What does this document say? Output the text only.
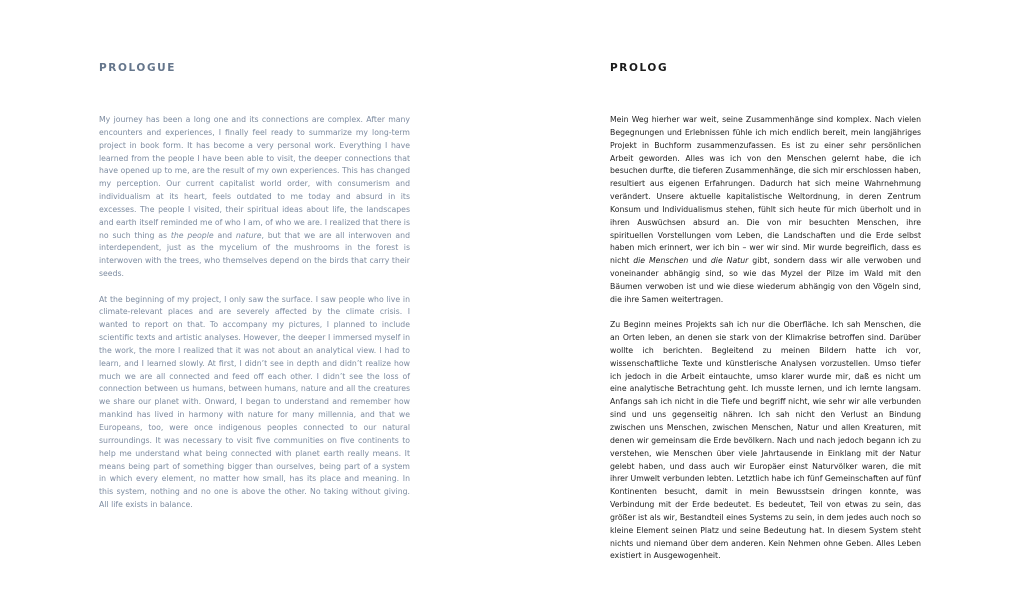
PROLOGUE

My journey has been a long one and its connections are complex. After many encounters and experiences, I finally feel ready to summarize my long-term project in book form. It has become a very personal work. Everything I have learned from the people I have been able to visit, the deeper connections that have opened up to me, are the result of my own experiences. This has changed my perception. Our current capitalist world order, with consumerism and individualism at its heart, feels outdated to me today and absurd in its excesses. The people I visited, their spiritual ideas about life, the landscapes and earth itself reminded me of who I am, of who we are. I realized that there is no such thing as the people and nature, but that we are all interwoven and interdependent, just as the mycelium of the mushrooms in the forest is interwoven with the trees, who themselves depend on the birds that carry their seeds.

At the beginning of my project, I only saw the surface. I saw people who live in climate-relevant places and are severely affected by the climate crisis. I wanted to report on that. To accompany my pictures, I planned to include scientific texts and artistic analyses. However, the deeper I immersed myself in the work, the more I realized that it was not about an analytical view. I had to learn, and I learned slowly. At first, I didn’t see in depth and didn’t realize how much we are all connected and feed off each other. I didn’t see the loss of connection between us humans, between humans, nature and all the creatures we share our planet with. Onward, I began to understand and remember how mankind has lived in harmony with nature for many millennia, and that we Europeans, too, were once indigenous peoples connected to our natural surroundings. It was necessary to visit five communities on five continents to help me understand what being connected with planet earth really means. It means being part of something bigger than ourselves, being part of a system in which every element, no matter how small, has its place and meaning. In this system, nothing and no one is above the other. No taking without giving. All life exists in balance.

PROLOG

Mein Weg hierher war weit, seine Zusammenhänge sind komplex. Nach vielen Begegnungen und Erlebnissen fühle ich mich endlich bereit, mein langjähriges Projekt in Buchform zusammenzufassen. Es ist zu einer sehr persönlichen Arbeit geworden. Alles was ich von den Menschen gelernt habe, die ich besuchen durfte, die tieferen Zusammenhänge, die sich mir erschlossen haben, resultiert aus eigenen Erfahrungen. Dadurch hat sich meine Wahrnehmung verändert. Unsere aktuelle kapitalistische Weltordnung, in deren Zentrum Konsum und Individualismus stehen, fühlt sich heute für mich überholt und in ihren Auswüchsen absurd an. Die von mir besuchten Menschen, ihre spirituellen Vorstellungen vom Leben, die Landschaften und die Erde selbst haben mich erinnert, wer ich bin – wer wir sind. Mir wurde begreiflich, dass es nicht die Menschen und die Natur gibt, sondern dass wir alle verwoben und voneinander abhängig sind, so wie das Myzel der Pilze im Wald mit den Bäumen verwoben ist und wie diese wiederum abhängig von den Vögeln sind, die ihre Samen weitertragen.

Zu Beginn meines Projekts sah ich nur die Oberfläche. Ich sah Menschen, die an Orten leben, an denen sie stark von der Klimakrise betroffen sind. Darüber wollte ich berichten. Begleitend zu meinen Bildern hatte ich vor, wissenschaftliche Texte und künstlerische Analysen vorzustellen. Umso tiefer ich jedoch in die Arbeit eintauchte, umso klarer wurde mir, daß es nicht um eine analytische Betrachtung geht. Ich musste lernen, und ich lernte langsam. Anfangs sah ich nicht in die Tiefe und begriff nicht, wie sehr wir alle verbunden sind und uns gegenseitig nähren. Ich sah nicht den Verlust an Bindung zwischen uns Menschen, zwischen Menschen, Natur und allen Kreaturen, mit denen wir gemeinsam die Erde bevölkern. Nach und nach jedoch begann ich zu verstehen, wie Menschen über viele Jahrtausende in Einklang mit der Natur gelebt haben, und dass auch wir Europäer einst Naturvölker waren, die mit ihrer Umwelt verbunden lebten. Letztlich habe ich fünf Gemeinschaften auf fünf Kontinenten besucht, damit in mein Bewusstsein dringen konnte, was Verbindung mit der Erde bedeutet. Es bedeutet, Teil von etwas zu sein, das größer ist als wir, Bestandteil eines Systems zu sein, in dem jedes auch noch so kleine Element seinen Platz und seine Bedeutung hat. In diesem System steht nichts und niemand über dem anderen. Kein Nehmen ohne Geben. Alles Leben existiert in Ausgewogenheit.
